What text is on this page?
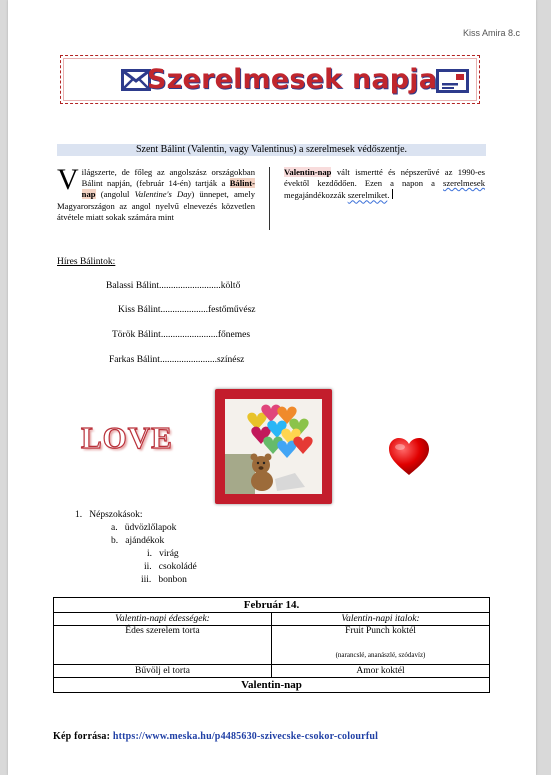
Kiss Amira 8.c
Szerelmesek napja
Szent Bálint (Valentin, vagy Valentinus) a szerelmesek védőszentje.
V ilágszerte, de főleg az angolszász országokban Bálint napján, (február 14-én) tartják a Bálint-nap (angolul Valentine's Day) ünnepet, amely Magyarországon az angol nyelvű elnevezés közvetlen átvétele miatt sokak számára mint
Valentin-nap vált ismertté és népszerűvé az 1990-es évektől kezdődően. Ezen a napon a szerelmesek megajándékozzák szerelmiket.
Híres Bálintok:
Balassi Bálint..........................költő
Kiss Bálint....................festőművész
Török Bálint........................főnemes
Farkas Bálint........................színész
LOVE
1. Népszokások:
a. üdvözlőlapok
b. ajándékok
i. virág
ii. csokoládé
iii. bonbon
Február 14.	
Valentin-napi édességek:	Valentin-napi italok:
Édes szerelem torta	Fruit Punch koktél
(narancslé, ananászlé, szódavíz)

Bűvölj el torta	Amor koktél
Valentin-nap	
Kép forrása: https://www.meska.hu/p4485630-szivecske-csokor-colourful
